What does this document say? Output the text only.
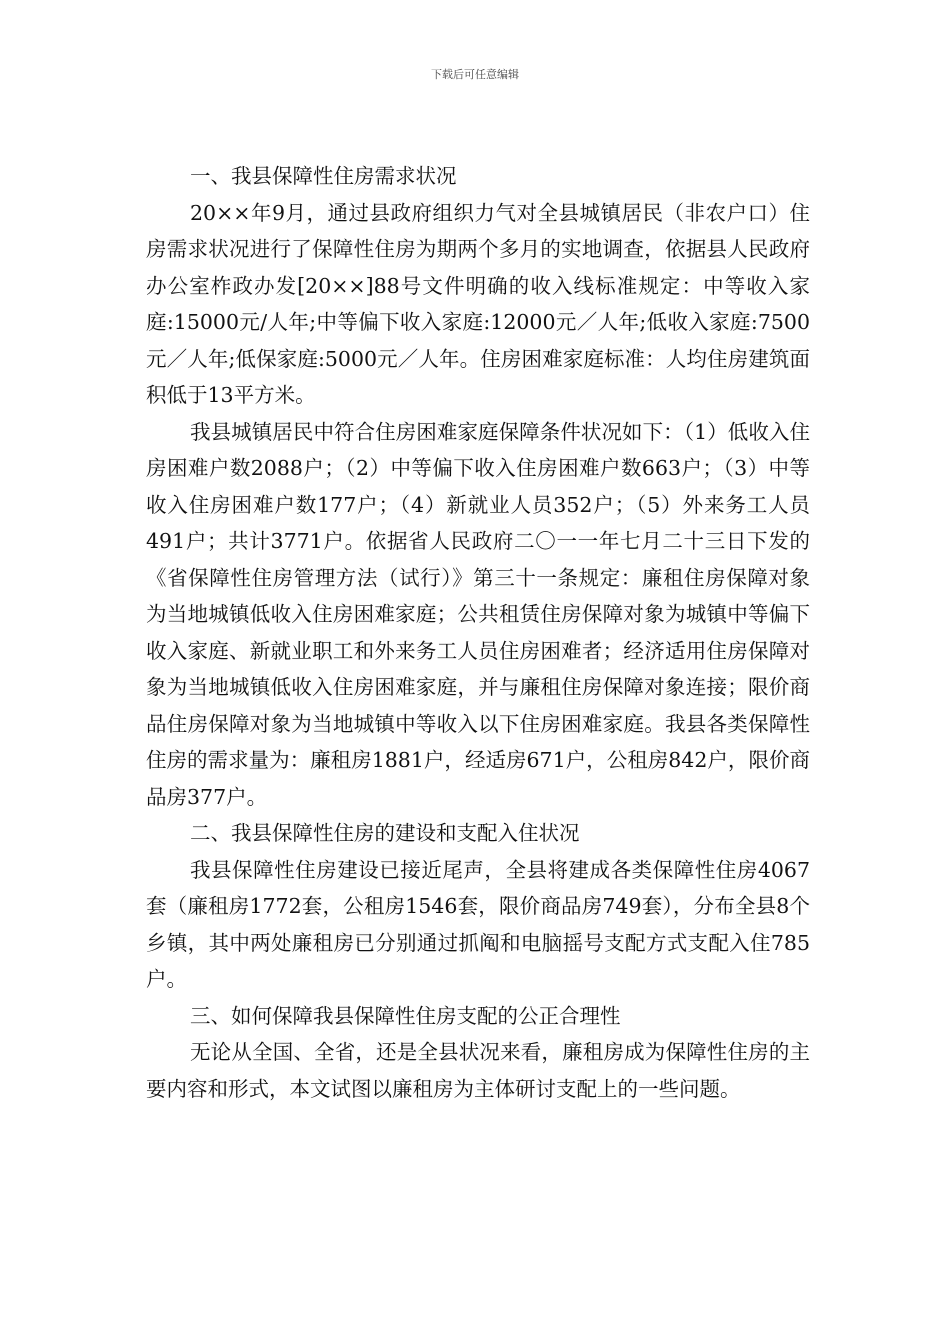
下载后可任意编辑

一、我县保障性住房需求状况

20××年9月，通过县政府组织力气对全县城镇居民（非农户口）住房需求状况进行了保障性住房为期两个多月的实地调查，依据县人民政府办公室柞政办发[20××]88号文件明确的收入线标准规定：中等收入家庭:15000元/人年;中等偏下收入家庭:12000元／人年;低收入家庭:7500元／人年;低保家庭:5000元／人年。住房困难家庭标准：人均住房建筑面积低于13平方米。

我县城镇居民中符合住房困难家庭保障条件状况如下：（1）低收入住房困难户数2088户；（2）中等偏下收入住房困难户数663户；（3）中等收入住房困难户数177户；（4）新就业人员352户；（5）外来务工人员491户；共计3771户。依据省人民政府二〇一一年七月二十三日下发的《省保障性住房管理方法（试行）》第三十一条规定：廉租住房保障对象为当地城镇低收入住房困难家庭；公共租赁住房保障对象为城镇中等偏下收入家庭、新就业职工和外来务工人员住房困难者；经济适用住房保障对象为当地城镇低收入住房困难家庭，并与廉租住房保障对象连接；限价商品住房保障对象为当地城镇中等收入以下住房困难家庭。我县各类保障性住房的需求量为：廉租房1881户，经适房671户，公租房842户，限价商品房377户。

二、我县保障性住房的建设和支配入住状况

我县保障性住房建设已接近尾声，全县将建成各类保障性住房4067套（廉租房1772套，公租房1546套，限价商品房749套），分布全县8个乡镇，其中两处廉租房已分别通过抓阄和电脑摇号支配方式支配入住785户。

三、如何保障我县保障性住房支配的公正合理性

无论从全国、全省，还是全县状况来看，廉租房成为保障性住房的主要内容和形式，本文试图以廉租房为主体研讨支配上的一些问题。
